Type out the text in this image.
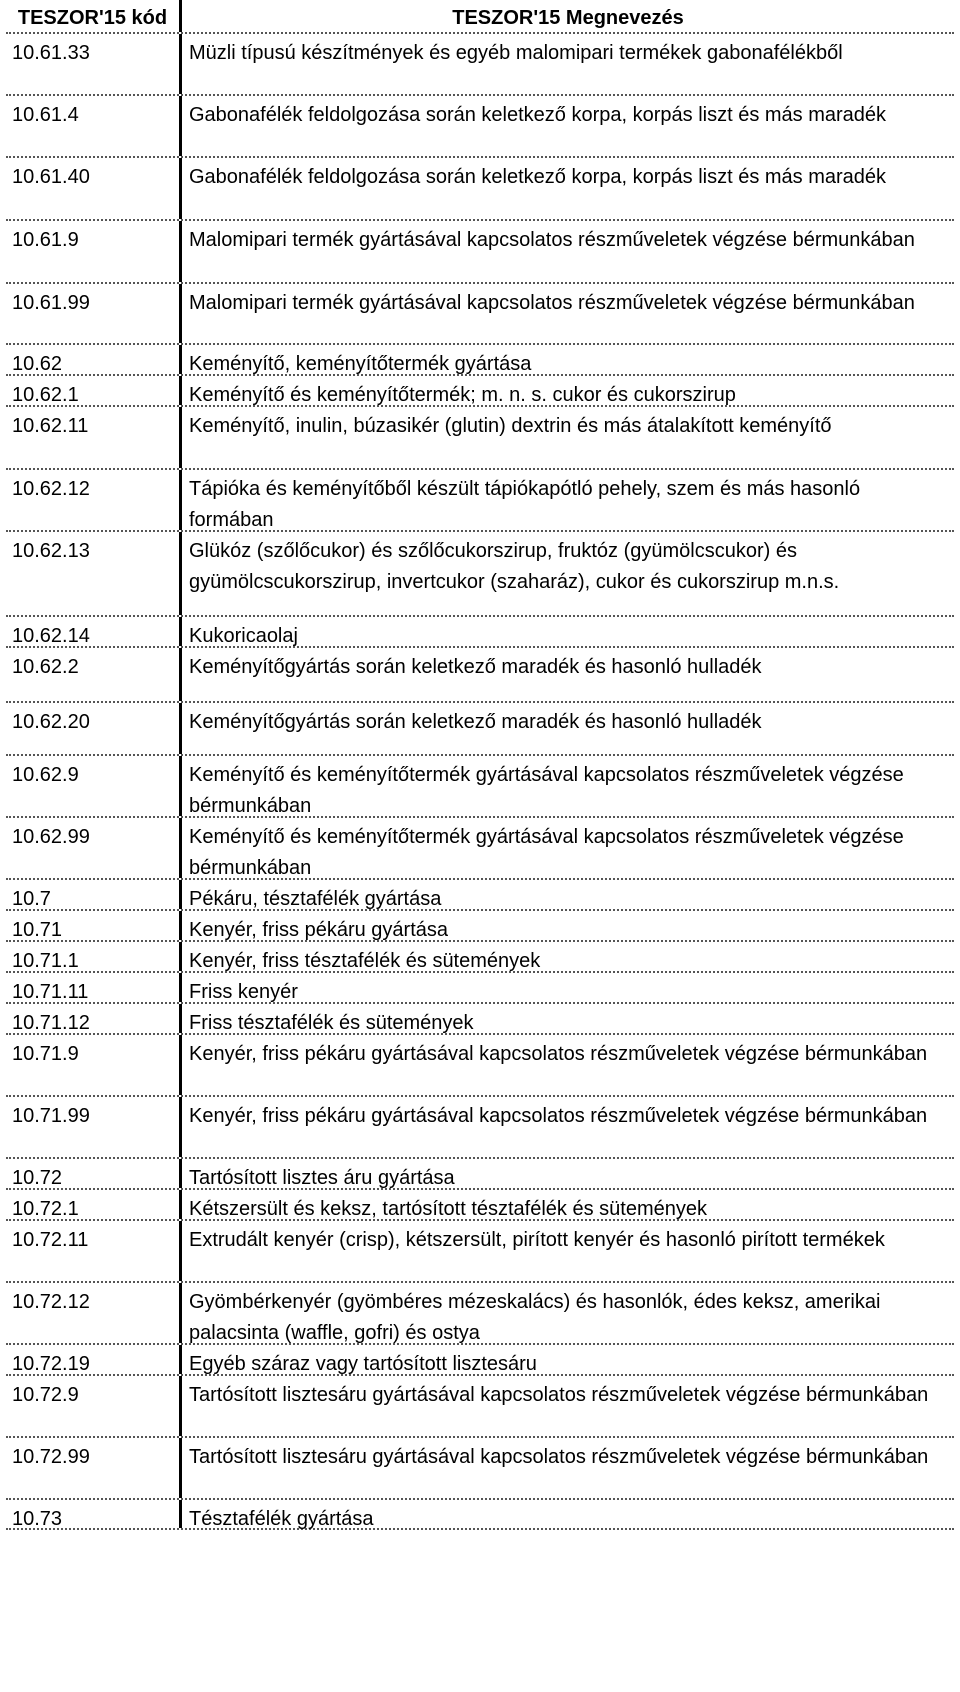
TESZOR'15 kód	TESZOR'15 Megnevezés
10.61.33	Müzli típusú készítmények és egyéb malomipari termékek gabonafélékből
10.61.4	Gabonafélék feldolgozása során keletkező korpa, korpás liszt és más maradék
10.61.40	Gabonafélék feldolgozása során keletkező korpa, korpás liszt és más maradék
10.61.9	Malomipari termék gyártásával kapcsolatos részműveletek végzése bérmunkában
10.61.99	Malomipari termék gyártásával kapcsolatos részműveletek végzése bérmunkában
10.62	Keményítő, keményítőtermék gyártása
10.62.1	Keményítő és keményítőtermék; m. n. s. cukor és cukorszirup
10.62.11	Keményítő, inulin, búzasikér (glutin) dextrin és más átalakított keményítő
10.62.12	Tápióka és keményítőből készült tápiókapótló pehely, szem és más hasonló formában
10.62.13	Glükóz (szőlőcukor) és szőlőcukorszirup, fruktóz (gyümölcscukor) és gyümölcscukorszirup, invertcukor (szaharáz), cukor és cukorszirup m.n.s.
10.62.14	Kukoricaolaj
10.62.2	Keményítőgyártás során keletkező maradék és hasonló hulladék
10.62.20	Keményítőgyártás során keletkező maradék és hasonló hulladék
10.62.9	Keményítő és keményítőtermék gyártásával kapcsolatos részműveletek végzése bérmunkában
10.62.99	Keményítő és keményítőtermék gyártásával kapcsolatos részműveletek végzése bérmunkában
10.7	Pékáru, tésztafélék gyártása
10.71	Kenyér, friss pékáru gyártása
10.71.1	Kenyér, friss tésztafélék és sütemények
10.71.11	Friss kenyér
10.71.12	Friss tésztafélék és sütemények
10.71.9	Kenyér, friss pékáru gyártásával kapcsolatos részműveletek végzése bérmunkában
10.71.99	Kenyér, friss pékáru gyártásával kapcsolatos részműveletek végzése bérmunkában
10.72	Tartósított lisztes áru gyártása
10.72.1	Kétszersült és keksz, tartósított tésztafélék és sütemények
10.72.11	Extrudált kenyér (crisp), kétszersült, pirított kenyér és hasonló pirított termékek
10.72.12	Gyömbérkenyér (gyömbéres mézeskalács) és hasonlók, édes keksz, amerikai palacsinta (waffle, gofri) és ostya
10.72.19	Egyéb száraz vagy tartósított lisztesáru
10.72.9	Tartósított lisztesáru gyártásával kapcsolatos részműveletek végzése bérmunkában
10.72.99	Tartósított lisztesáru gyártásával kapcsolatos részműveletek végzése bérmunkában
10.73	Tésztafélék gyártása
